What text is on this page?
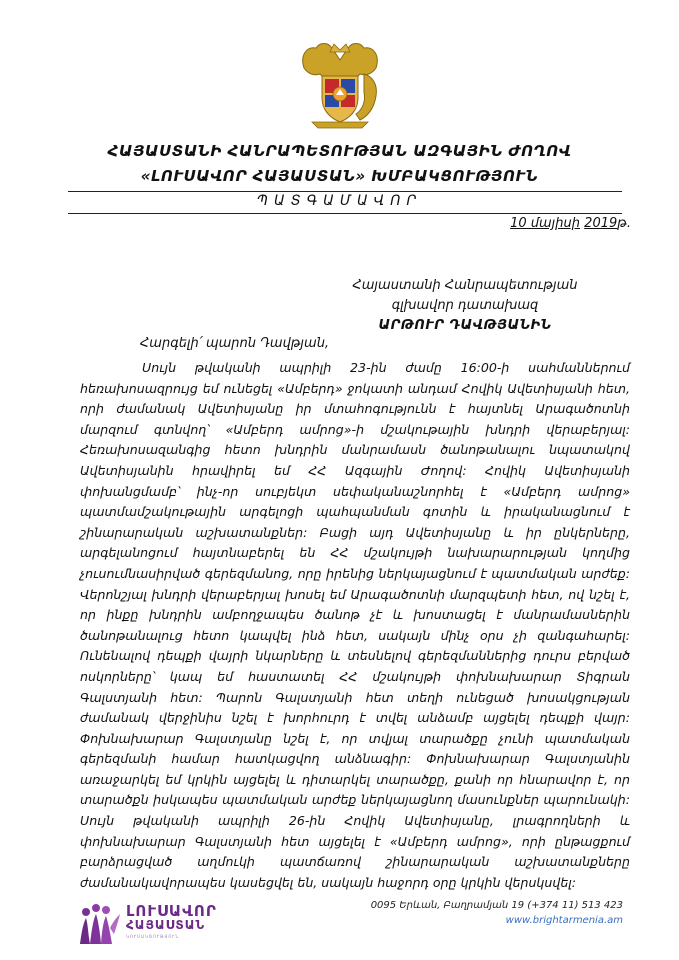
ՀԱՅԱՍՏԱՆԻ ՀԱՆՐԱՊԵՏՈՒԹՅԱՆ ԱԶԳԱՅԻՆ ԺՈՂՈՎ
«ԼՈՒՍԱՎՈՐ ՀԱՅԱՍՏԱՆ» ԽՄԲԱԿՑՈՒԹՅՈՒՆ
ՊԱՏԳԱՄԱՎՈՐ
10 մայիսի 2019թ.
Հայաստանի Հանրապետության
գլխավոր դատախազ
ԱՐԹՈՒՐ ԴԱՎԹՅԱՆԻՆ
Հարգելի՛ պարոն Դավթյան,
Սույն թվականի ապրիլի 23-ին ժամը 16:00-ի սահմաններում հեռախոսազրույց եմ ունեցել «Ամբերդ» ջոկատի անդամ Հովիկ Ավետիսյանի հետ, որի ժամանակ Ավետիսյանը իր մտահոգությունն է հայտնել Արագածոտնի մարզում գտնվող՝ «Ամբերդ ամրոց»-ի մշակութային խնդրի վերաբերյալ: Հեռախոսազանգից հետո խնդրին մանրամասն ծանոթանալու նպատակով Ավետիսյանին հրավիրել եմ ՀՀ Ազգային Ժողով: Հովիկ Ավետիսյանի փոխանցմամբ՝ ինչ-որ սուբյեկտ սեփականաշնորհել է «Ամբերդ ամրոց» պատմամշակութային արգելոցի պահպանման գոտին և իրականացնում է շինարարական աշխատանքներ: Բացի այդ Ավետիսյանը և իր ընկերները, արգելանոցում հայտնաբերել են ՀՀ մշակույթի նախարարության կողմից չուսումնասիրված գերեզմանոց, որը իրենից ներկայացնում է պատմական արժեք: Վերոնշյալ խնդրի վերաբերյալ խոսել եմ Արագածոտնի մարզպետի հետ, ով նշել է, որ ինքը խնդրին ամբողջապես ծանոթ չէ և խոստացել է մանրամասներին ծանոթանալուց հետո կապվել ինձ հետ, սակայն մինչ օրս չի զանգահարել: Ունենալով դեպքի վայրի նկարները և տեսնելով գերեզմաններից դուրս բերված ոսկորները՝ կապ եմ հաստատել ՀՀ մշակույթի փոխնախարար Տիգրան Գալստյանի հետ: Պարոն Գալստյանի հետ տեղի ունեցած խոսակցության ժամանակ վերջինիս նշել է խորհուրդ է տվել անձամբ այցելել դեպքի վայր: Փոխնախարար Գալստյանը նշել է, որ տվյալ տարածքը չունի պատմական գերեզմանի համար հատկացվող անձնագիր: Փոխնախարար Գալստյանին առաջարկել եմ կրկին այցելել և դիտարկել տարածքը, քանի որ հնարավոր է, որ տարածքն իսկապես պատմական արժեք ներկայացնող մասունքներ պարունակի: Սույն թվականի ապրիլի 26-ին Հովիկ Ավետիսյանը, լրագրողների և փոխնախարար Գալստյանի հետ այցելել է «Ամբերդ ամրոց», որի ընթացքում բարձրացված աղմուկի պատճառով շինարարական աշխատանքները ժամանակավորապես կասեցվել են, սակայն հաջորդ օրը կրկին վերսկսվել:
ԼՈՒՍԱՎՈՐ
ՀԱՅԱՍՏԱՆ
ԿՈՒՍԱԿՑՈՒԹՅՈՒՆ
0095 Երևան, Բաղրամյան 19 (+374 11) 513 423
www.brightarmenia.am
